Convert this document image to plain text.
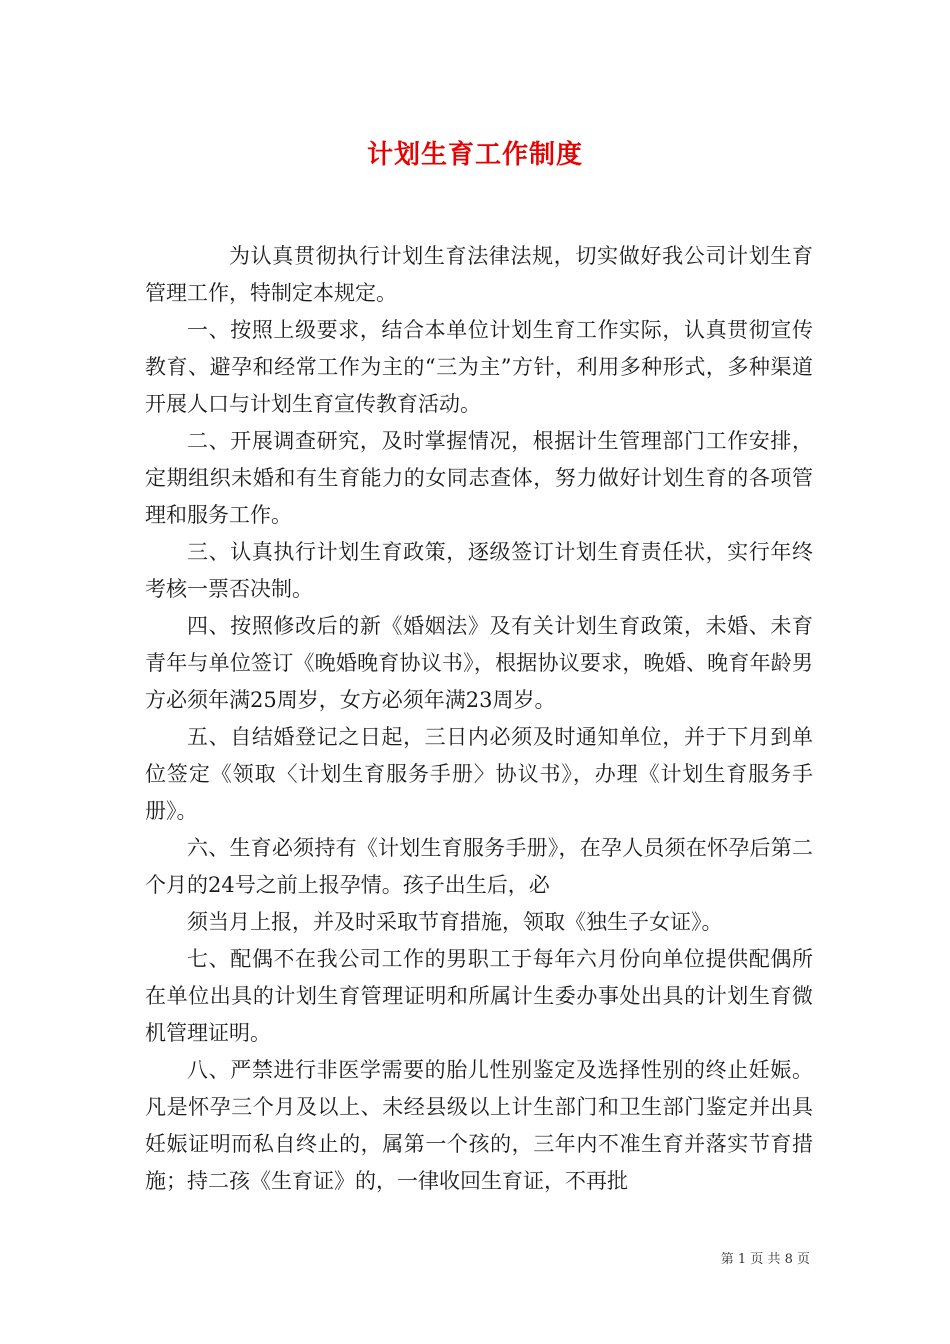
计划生育工作制度

为认真贯彻执行计划生育法律法规，切实做好我公司计划生育管理工作，特制定本规定。

一、按照上级要求，结合本单位计划生育工作实际，认真贯彻宣传教育、避孕和经常工作为主的“三为主”方针，利用多种形式，多种渠道开展人口与计划生育宣传教育活动。

二、开展调查研究，及时掌握情况，根据计生管理部门工作安排，定期组织未婚和有生育能力的女同志查体，努力做好计划生育的各项管理和服务工作。

三、认真执行计划生育政策，逐级签订计划生育责任状，实行年终考核一票否决制。

四、按照修改后的新《婚姻法》及有关计划生育政策，未婚、未育青年与单位签订《晚婚晚育协议书》，根据协议要求，晚婚、晚育年龄男方必须年满25周岁，女方必须年满23周岁。

五、自结婚登记之日起，三日内必须及时通知单位，并于下月到单位签定《领取〈计划生育服务手册〉协议书》，办理《计划生育服务手册》。

六、生育必须持有《计划生育服务手册》，在孕人员须在怀孕后第二个月的24号之前上报孕情。孩子出生后，必

须当月上报，并及时采取节育措施，领取《独生子女证》。

七、配偶不在我公司工作的男职工于每年六月份向单位提供配偶所在单位出具的计划生育管理证明和所属计生委办事处出具的计划生育微机管理证明。

八、严禁进行非医学需要的胎儿性别鉴定及选择性别的终止妊娠。凡是怀孕三个月及以上、未经县级以上计生部门和卫生部门鉴定并出具妊娠证明而私自终止的，属第一个孩的，三年内不准生育并落实节育措施；持二孩《生育证》的，一律收回生育证，不再批

第 1 页 共 8 页
